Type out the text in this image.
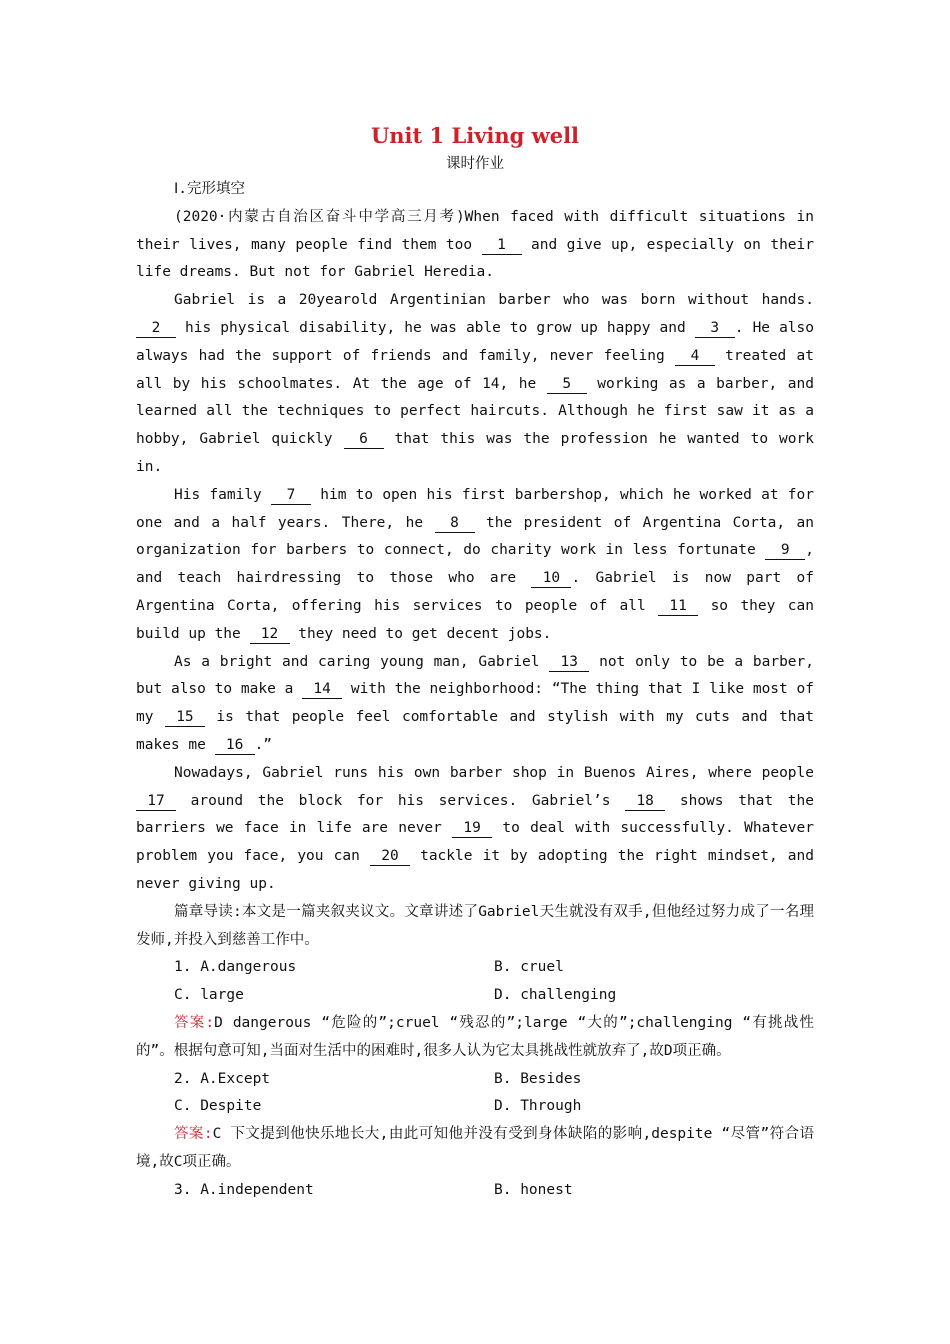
Unit 1 Living well
课时作业
Ⅰ.完形填空

(2020·内蒙古自治区奋斗中学高三月考)When faced with difficult situations in their lives, many people find them too 1 and give up, especially on their life dreams. But not for Gabriel Heredia.

Gabriel is a 20yearold Argentinian barber who was born without hands. 2 his physical disability, he was able to grow up happy and 3 . He also always had the support of friends and family, never feeling 4 treated at all by his schoolmates. At the age of 14, he 5 working as a barber, and learned all the techniques to perfect haircuts. Although he first saw it as a hobby, Gabriel quickly 6 that this was the profession he wanted to work in.

His family 7 him to open his first barbershop, which he worked at for one and a half years. There, he 8 the president of Argentina Corta, an organization for barbers to connect, do charity work in less fortunate 9 , and teach hairdressing to those who are 10 . Gabriel is now part of Argentina Corta, offering his services to people of all 11 so they can build up the 12 they need to get decent jobs.

As a bright and caring young man, Gabriel 13 not only to be a barber, but also to make a 14 with the neighborhood: “The thing that I like most of my 15 is that people feel comfortable and stylish with my cuts and that makes me 16 .”

Nowadays, Gabriel runs his own barber shop in Buenos Aires, where people 17 around the block for his services. Gabriel’s 18 shows that the barriers we face in life are never 19 to deal with successfully. Whatever problem you face, you can 20 tackle it by adopting the right mindset, and never giving up.

篇章导读:本文是一篇夹叙夹议文。文章讲述了Gabriel天生就没有双手,但他经过努力成了一名理发师,并投入到慈善工作中。

1. A.dangerous	B. cruel
C. large	D. challenging

答案:D dangerous “危险的”;cruel “残忍的”;large “大的”;challenging “有挑战性的”。根据句意可知,当面对生活中的困难时,很多人认为它太具挑战性就放弃了,故D项正确。

2. A.Except	B. Besides
C. Despite	D. Through

答案:C 下文提到他快乐地长大,由此可知他并没有受到身体缺陷的影响,despite “尽管”符合语境,故C项正确。

3. A.independent	B. honest
